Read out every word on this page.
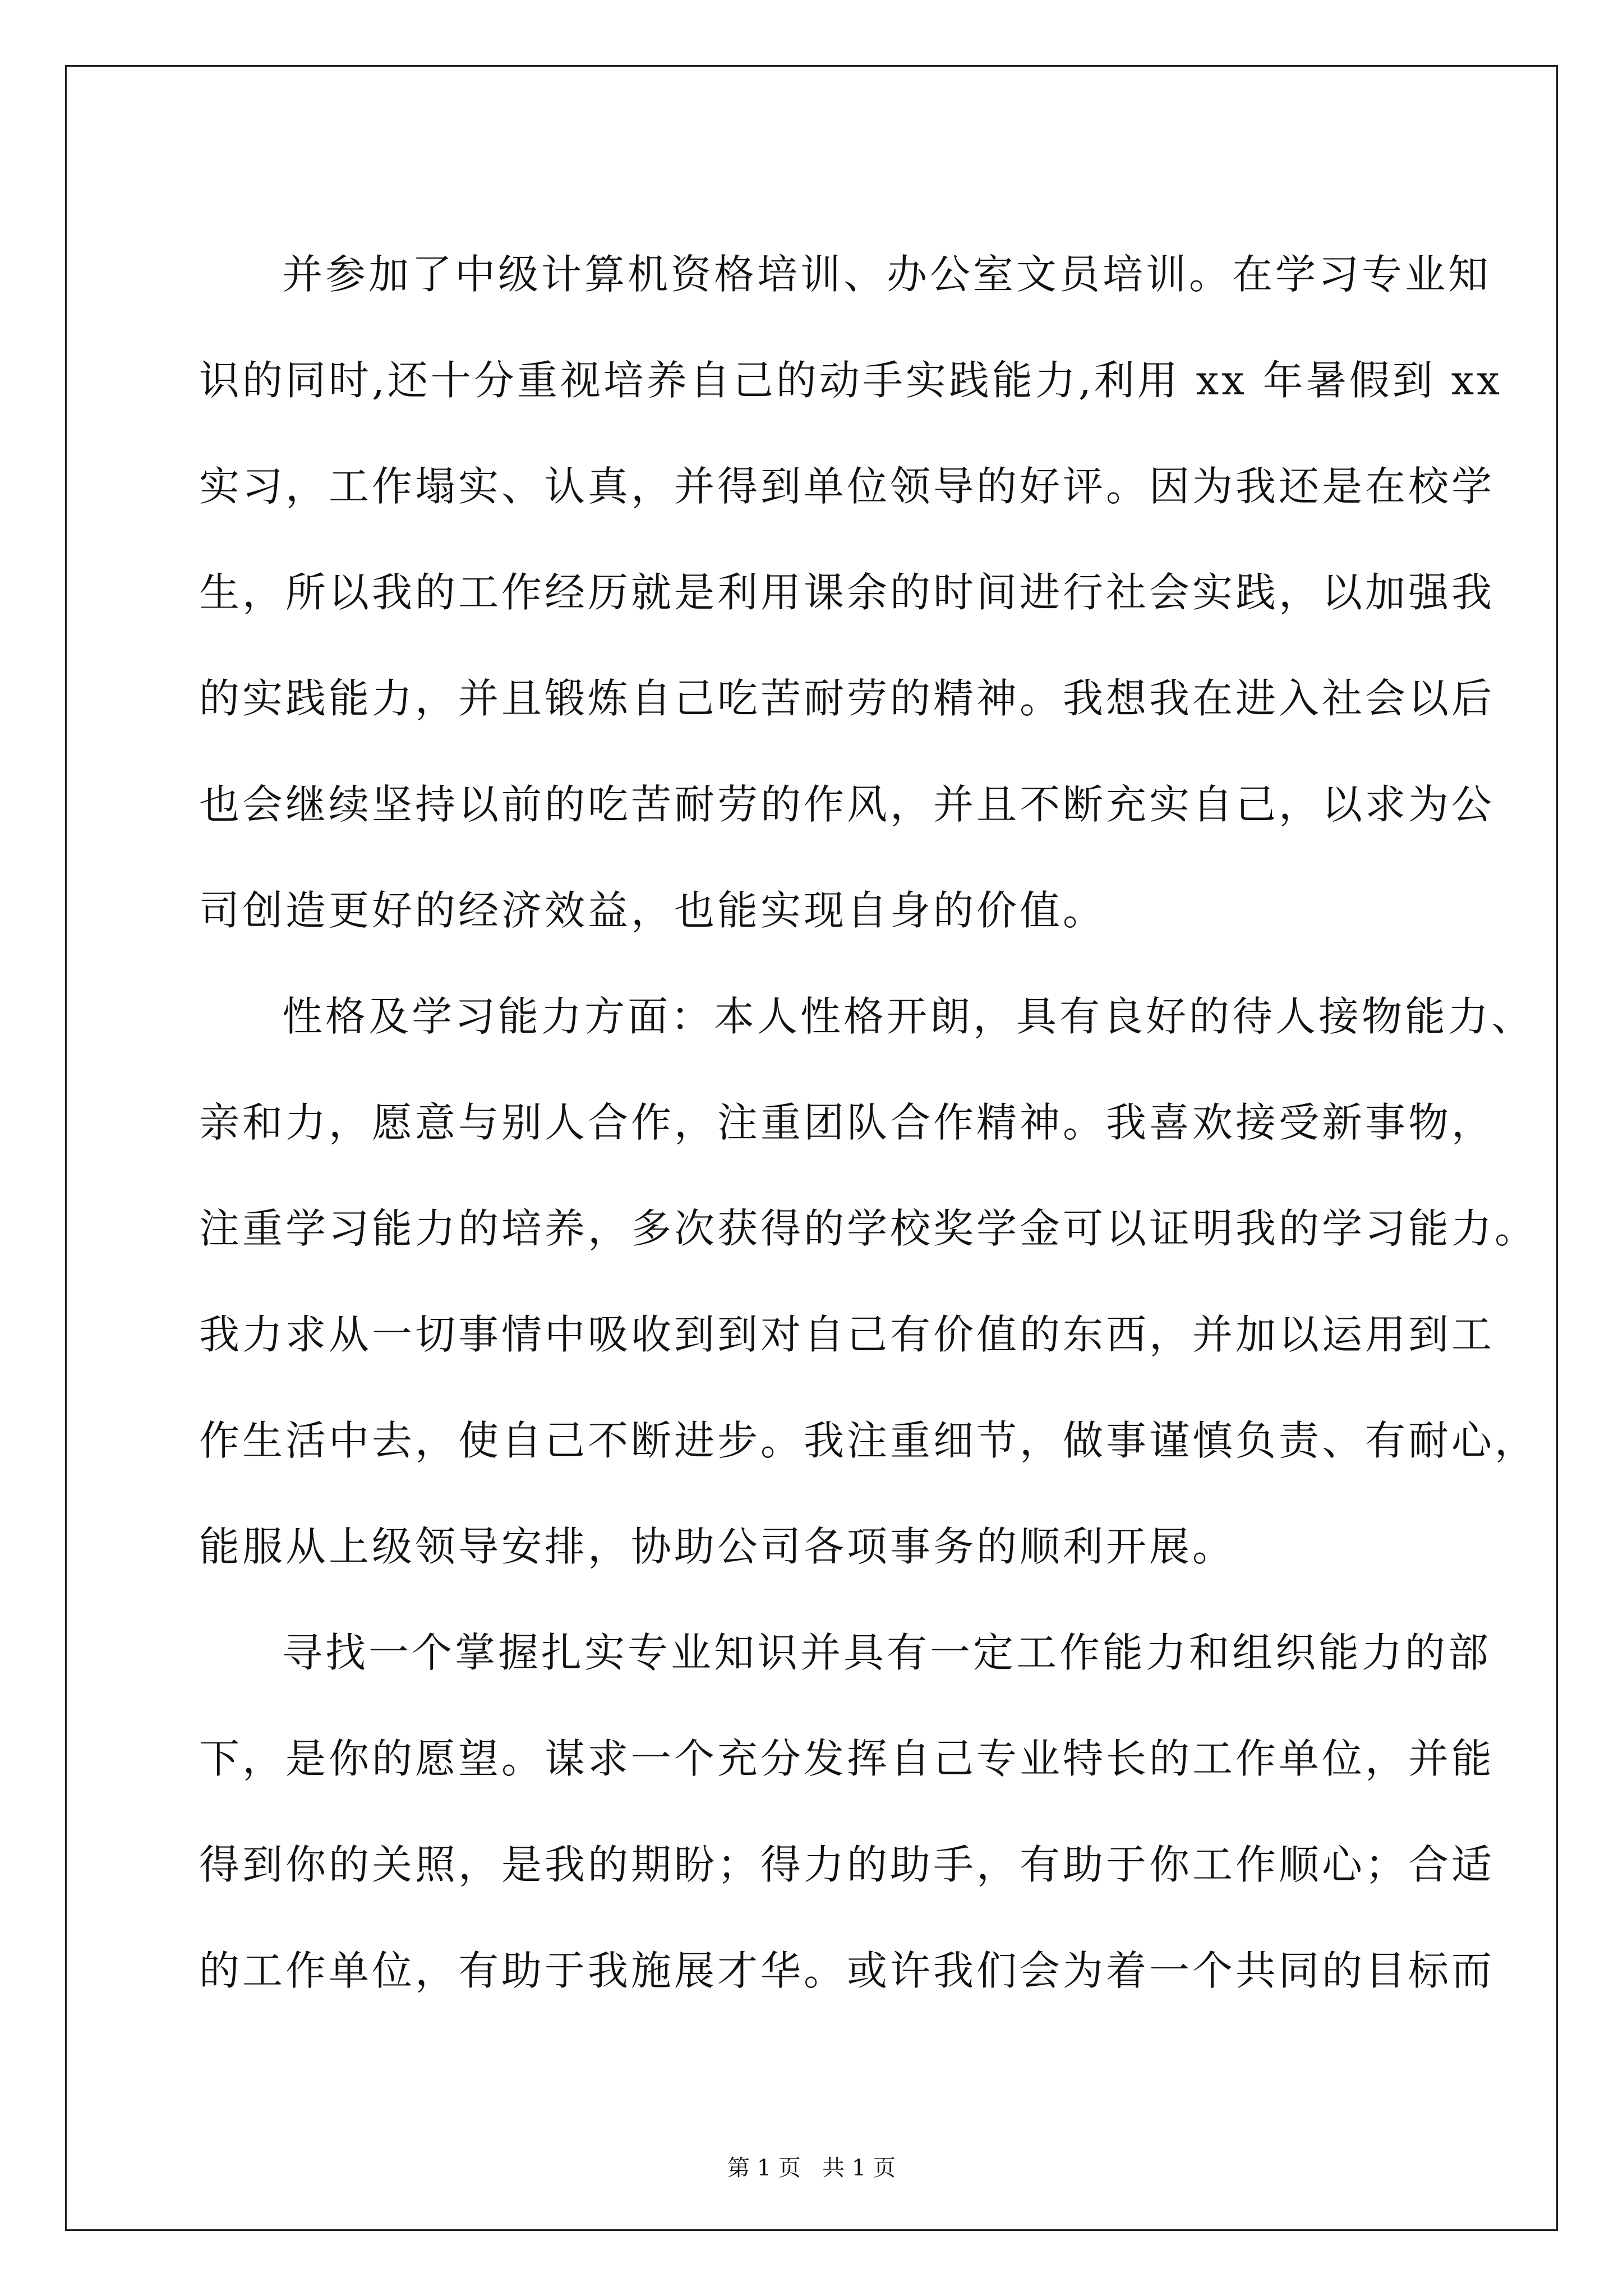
并参加了中级计算机资格培训、办公室文员培训。在学习专业知
识的同时,还十分重视培养自己的动手实践能力,利用 xx 年暑假到 xx
实习，工作塌实、认真，并得到单位领导的好评。因为我还是在校学
生，所以我的工作经历就是利用课余的时间进行社会实践，以加强我
的实践能力，并且锻炼自己吃苦耐劳的精神。我想我在进入社会以后
也会继续坚持以前的吃苦耐劳的作风，并且不断充实自己，以求为公
司创造更好的经济效益，也能实现自身的价值。
性格及学习能力方面：本人性格开朗，具有良好的待人接物能力、
亲和力，愿意与别人合作，注重团队合作精神。我喜欢接受新事物，
注重学习能力的培养，多次获得的学校奖学金可以证明我的学习能力。
我力求从一切事情中吸收到到对自己有价值的东西，并加以运用到工
作生活中去，使自己不断进步。我注重细节，做事谨慎负责、有耐心，
能服从上级领导安排，协助公司各项事务的顺利开展。
寻找一个掌握扎实专业知识并具有一定工作能力和组织能力的部
下，是你的愿望。谋求一个充分发挥自己专业特长的工作单位，并能
得到你的关照，是我的期盼；得力的助手，有助于你工作顺心；合适
的工作单位，有助于我施展才华。或许我们会为着一个共同的目标而
第 1 页   共 1 页
